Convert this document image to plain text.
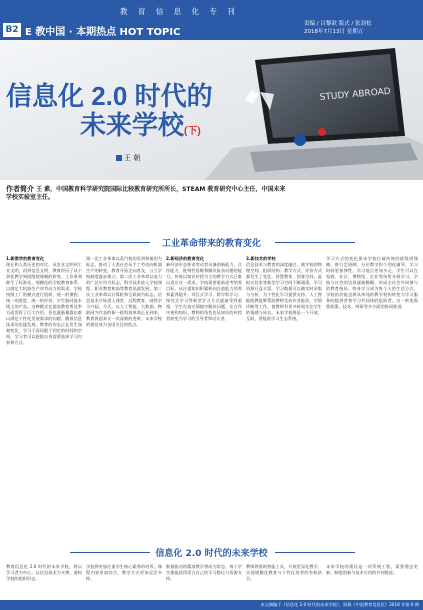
教 育 信 息 化 专 刊
B2 E 教中国 · 本期热点 HOT TOPIC
责编 / 吕黎歆 版式 / 张劲松
2018年7月13日 星期五
STUDY ABROAD
信息化 2.0 时代的
未来学校(下)
王 朝
作者简介 王 素，中国教育科学研究院国际比较教育研究所所长，STEAM 教育研究中心主任，中国未来学校实验室主任。
工业革命带来的教育变化
1.新教学的教育变化
现在和人类历史的对比。从农业文明到工业文明，再到信息文明，教育经历了从个别化教学到班级授课制的转变。工业革命催生了标准化、规模化的学校教育体系，以满足大机器生产对劳动力的需求。学校按照工厂的模式进行组织，统一的课程、统一的进度、统一的评价，学生如同流水线上的产品。这种模式在提高教育普及率方面发挥了巨大作用，但也逐渐暴露出难以满足个性化发展需求的问题。随着信息技术的迅猛发展，教育的形态正在发生深刻变化，学习不再局限于固定的时间和空间，学习者可以根据自身需要选择学习内容和方式。
第一次工业革命以蒸汽机的发明和使用为标志，推动了人类社会从手工劳动向机器生产的转变。教育开始走向普及，公立学校制度逐步建立。第二次工业革命以电力的广泛应用为标志，科学技术进入学校课程，职业教育和高等教育迅速发展。第三次工业革命以计算机和互联网为标志，信息技术开始进入课堂，远程教育、网络学习兴起。今天，以人工智能、大数据、物联网为代表的新一轮科技革命正在到来，教育将迎来又一次深刻的变革，未来学校的建设成为各国关注的焦点。
2.新经济的教育变化
新经济形态要求劳动者具备创新能力、合作能力、批判性思维和解决复杂问题的能力。传统以知识传授为主的教学方式已难以适应这一需求。学校需要重新思考培养目标，从注重知识积累转向注重能力培养和素养提升。项目式学习、跨学科学习、探究式学习等新型学习方式逐渐受到重视，学生在真实情境中解决问题，在合作中建构知识。教师的角色也从知识的传授者转变为学习的引导者和设计者。
3.新技术的学校
信息技术与教育的深度融合，使学校的物理空间、组织结构、教学方式、评价方式都发生了变化。智慧教室、创客空间、虚拟实验室等新型学习空间不断涌现，学习资源日益丰富，学习数据可以被实时采集与分析，为个性化学习提供支持。人工智能助教能够帮助教师完成作业批改、学情诊断等工作，使教师有更多时间关注学生的情感与成长。未来学校将是一个开放、互联、智能的学习生态系统。
学习方式的变化要求学校打破传统的班级授课制，推行走班制、分层教学和个别化辅导。学习时间更加弹性，学习地点更加多元，学生可以在家庭、社区、博物馆、企业等场所开展学习。学校与社会的边界逐渐模糊，形成全社会共同参与的教育格局。终身学习成为每个人的生活方式，学校的功能也将从单纯的教学机构转变为学习服务的提供者和学习共同体的组织者。这一转变需要政策、技术、师资等多方面的协同推进。
信息化 2.0 时代的未来学校
教育信息化 2.0 时代的未来学校，将以学习者为中心，以信息技术为支撑，重构学校的组织形态。
学校将更加注重学生核心素养的培养，课程内容更加综合，教学方式更加灵活多样。
数据驱动的精准教学将成为常态，每个学生都能获得适合自己的学习路径与资源支持。
教师将借助智能工具，开展差异化教学，实现规模化教育与个性化培养的有机结合。
未来学校的建设是一项系统工程，需要理念更新、制度创新与技术应用的共同推进。
本文摘编于《信息化 2.0 时代的未来学校》，原载《中国教育信息化》2018 年第 6 期
